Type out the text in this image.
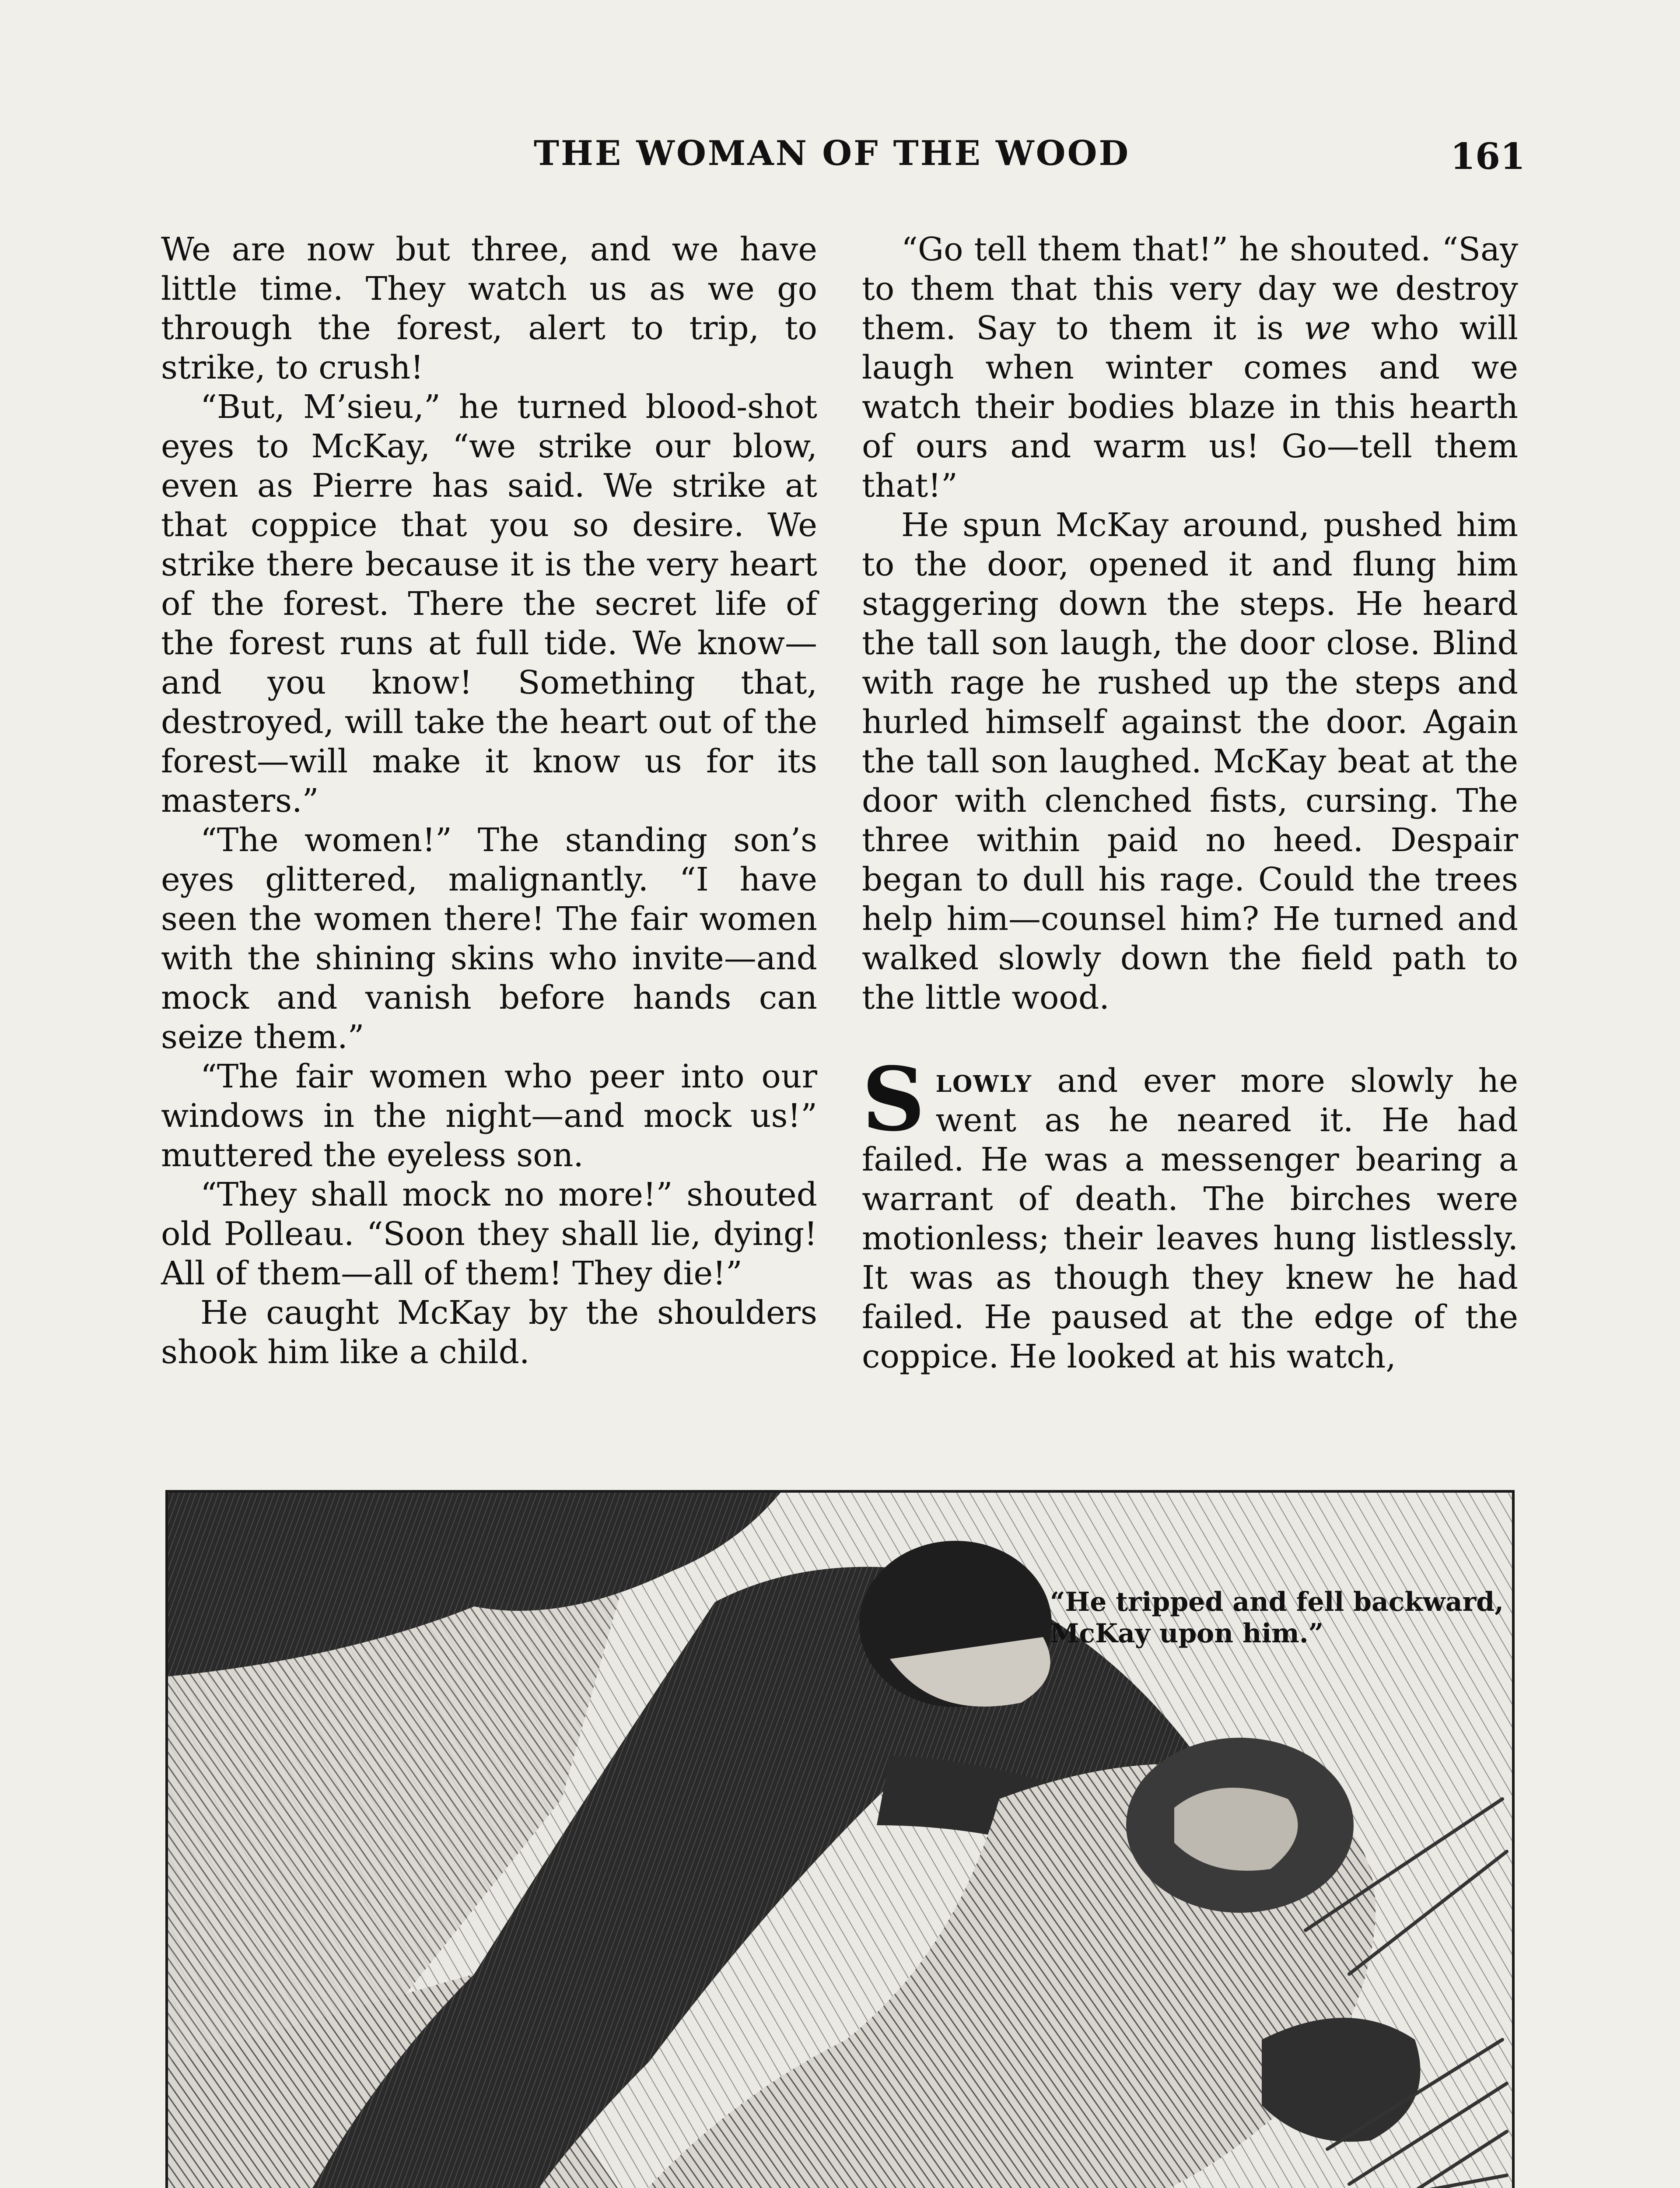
THE WOMAN OF THE WOOD	161

We are now but three, and we have little time. They watch us as we go through the forest, alert to trip, to strike, to crush!

“But, M’sieu,” he turned blood-shot eyes to McKay, “we strike our blow, even as Pierre has said. We strike at that coppice that you so desire. We strike there because it is the very heart of the forest. There the secret life of the forest runs at full tide. We know—and you know! Something that, destroyed, will take the heart out of the forest—will make it know us for its masters.”

“The women!” The standing son’s eyes glittered, malignantly. “I have seen the women there! The fair women with the shining skins who invite—and mock and vanish before hands can seize them.”

“The fair women who peer into our windows in the night—and mock us!” muttered the eyeless son.

“They shall mock no more!” shouted old Polleau. “Soon they shall lie, dying! All of them—all of them! They die!”

He caught McKay by the shoulders shook him like a child.

“Go tell them that!” he shouted. “Say to them that this very day we destroy them. Say to them it is we who will laugh when winter comes and we watch their bodies blaze in this hearth of ours and warm us! Go—tell them that!”

He spun McKay around, pushed him to the door, opened it and flung him staggering down the steps. He heard the tall son laugh, the door close. Blind with rage he rushed up the steps and hurled himself against the door. Again the tall son laughed. McKay beat at the door with clenched fists, cursing. The three within paid no heed. Despair began to dull his rage. Could the trees help him—counsel him? He turned and walked slowly down the field path to the little wood.

Slowly and ever more slowly he went as he neared it. He had failed. He was a messenger bearing a warrant of death. The birches were motionless; their leaves hung listlessly. It was as though they knew he had failed. He paused at the edge of the coppice. He looked at his watch,

“He tripped and fell backward, McKay upon him.”
